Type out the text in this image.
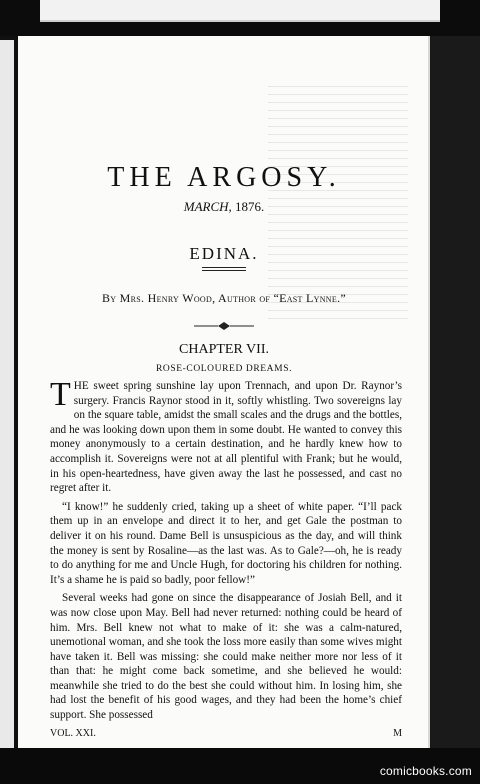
THE ARGOSY.
MARCH, 1876.
EDINA.
By Mrs. Henry Wood, Author of “East Lynne.”
CHAPTER VII.
ROSE-COLOURED DREAMS.

T HE sweet spring sunshine lay upon Trennach, and upon Dr. Raynor’s surgery. Francis Raynor stood in it, softly whistling. Two sovereigns lay on the square table, amidst the small scales and the drugs and the bottles, and he was looking down upon them in some doubt. He wanted to convey this money anonymously to a certain destination, and he hardly knew how to accomplish it. Sovereigns were not at all plentiful with Frank; but he would, in his open-heartedness, have given away the last he possessed, and cast no regret after it.

“I know!” he suddenly cried, taking up a sheet of white paper. “I’ll pack them up in an envelope and direct it to her, and get Gale the postman to deliver it on his round. Dame Bell is unsuspicious as the day, and will think the money is sent by Rosaline—as the last was. As to Gale?—oh, he is ready to do anything for me and Uncle Hugh, for doctoring his children for nothing. It’s a shame he is paid so badly, poor fellow!”

Several weeks had gone on since the disappearance of Josiah Bell, and it was now close upon May. Bell had never returned: nothing could be heard of him. Mrs. Bell knew not what to make of it: she was a calm-natured, unemotional woman, and she took the loss more easily than some wives might have taken it. Bell was missing: she could make neither more nor less of it than that: he might come back sometime, and she believed he would: meanwhile she tried to do the best she could without him. In losing him, she had lost the benefit of his good wages, and they had been the home’s chief support. She possessed

VOL. XXI.	M
comicbooks.com
